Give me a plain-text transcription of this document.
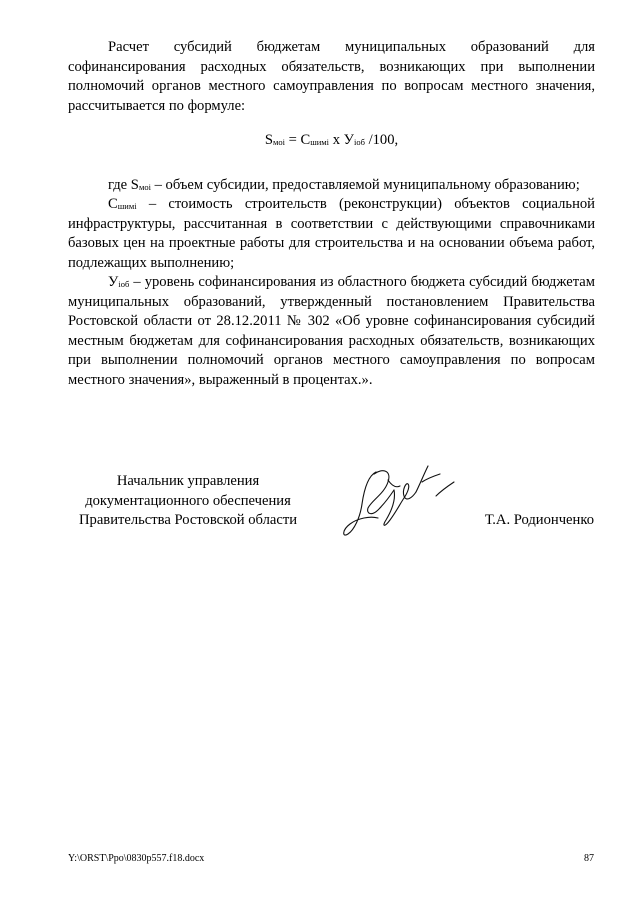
Расчет субсидий бюджетам муниципальных образований для софинансирования расходных обязательств, возникающих при выполнении полномочий органов местного самоуправления по вопросам местного значения, рассчитывается по формуле:

$S_{моі} = C_{шимі}$ x $У_{іоб}$ /100,

где $S_{моі}$ – объем субсидии, предоставляемой муниципальному образованию;

$C_{шимі}$ – стоимость строительств (реконструкции) объектов социальной инфраструктуры, рассчитанная в соответствии с действующими справочниками базовых цен на проектные работы для строительства и на основании объема работ, подлежащих выполнению;

$У_{іоб}$ – уровень софинансирования из областного бюджета субсидий бюджетам муниципальных образований, утвержденный постановлением Правительства Ростовской области от 28.12.2011 № 302 «Об уровне софинансирования субсидий местным бюджетам для софинансирования расходных обязательств, возникающих при выполнении полномочий органов местного самоуправления по вопросам местного значения», выраженный в процентах.».

Начальник управления
документационного обеспечения
Правительства Ростовской области	Т.А. Родионченко
Y:\ORST\Ppo\0830p557.f18.docx	87
